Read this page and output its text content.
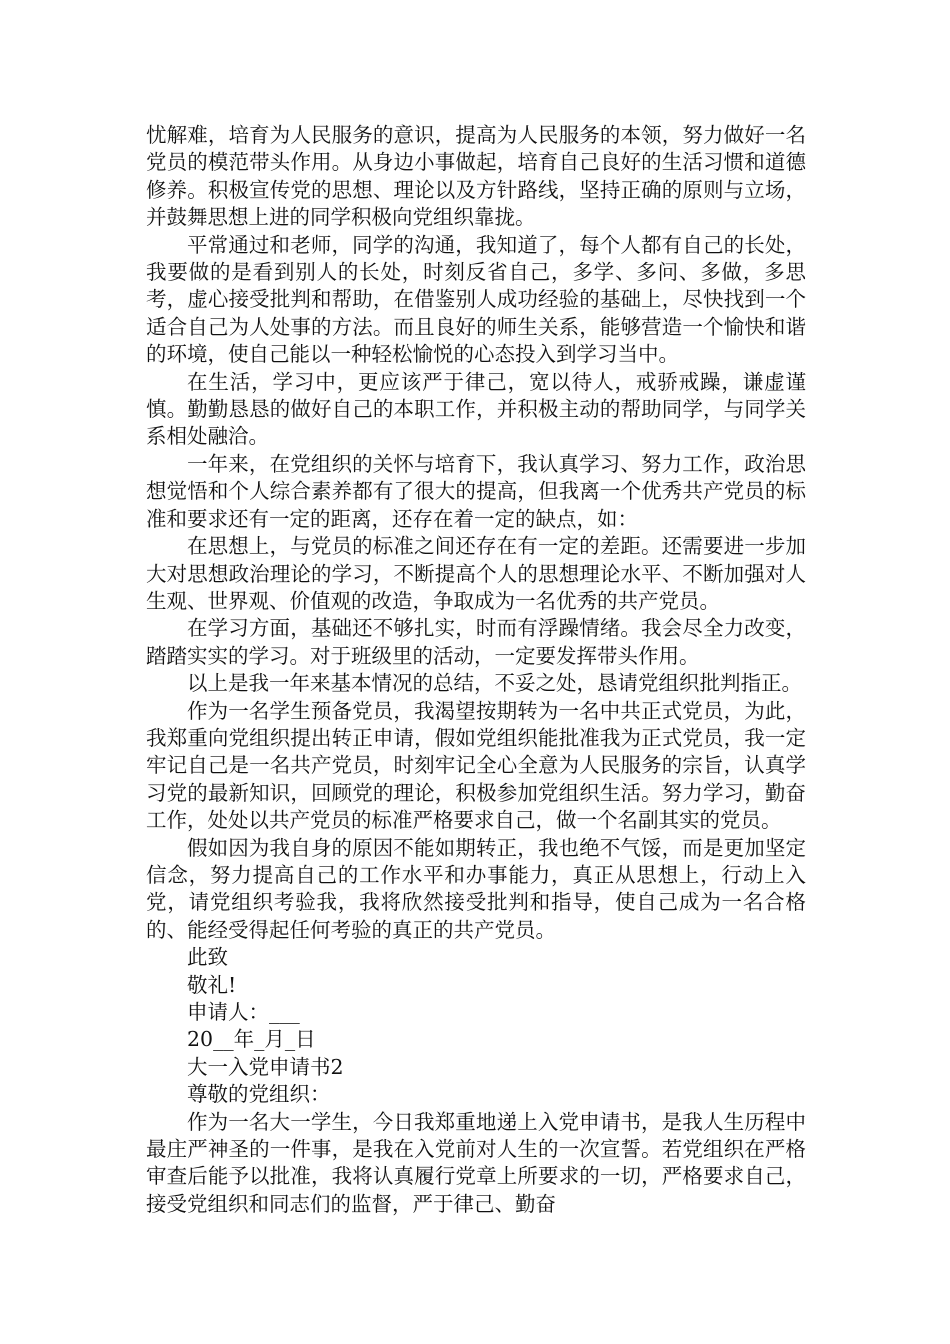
忧解难，培育为人民服务的意识，提高为人民服务的本领，努力做好一名党员的模范带头作用。从身边小事做起，培育自己良好的生活习惯和道德修养。积极宣传党的思想、理论以及方针路线，坚持正确的原则与立场，并鼓舞思想上进的同学积极向党组织靠拢。

平常通过和老师，同学的沟通，我知道了，每个人都有自己的长处，我要做的是看到别人的长处，时刻反省自己，多学、多问、多做，多思考，虚心接受批判和帮助，在借鉴别人成功经验的基础上，尽快找到一个适合自己为人处事的方法。而且良好的师生关系，能够营造一个愉快和谐的环境，使自己能以一种轻松愉悦的心态投入到学习当中。

在生活，学习中，更应该严于律己，宽以待人，戒骄戒躁，谦虚谨慎。勤勤恳恳的做好自己的本职工作，并积极主动的帮助同学，与同学关系相处融洽。

一年来，在党组织的关怀与培育下，我认真学习、努力工作，政治思想觉悟和个人综合素养都有了很大的提高，但我离一个优秀共产党员的标准和要求还有一定的距离，还存在着一定的缺点，如：

在思想上，与党员的标准之间还存在有一定的差距。还需要进一步加大对思想政治理论的学习，不断提高个人的思想理论水平、不断加强对人生观、世界观、价值观的改造，争取成为一名优秀的共产党员。

在学习方面，基础还不够扎实，时而有浮躁情绪。我会尽全力改变，踏踏实实的学习。对于班级里的活动，一定要发挥带头作用。

以上是我一年来基本情况的总结，不妥之处，恳请党组织批判指正。

作为一名学生预备党员，我渴望按期转为一名中共正式党员，为此，我郑重向党组织提出转正申请，假如党组织能批准我为正式党员，我一定牢记自己是一名共产党员，时刻牢记全心全意为人民服务的宗旨，认真学习党的最新知识，回顾党的理论，积极参加党组织生活。努力学习，勤奋工作，处处以共产党员的标准严格要求自己，做一个名副其实的党员。

假如因为我自身的原因不能如期转正，我也绝不气馁，而是更加坚定信念，努力提高自己的工作水平和办事能力，真正从思想上，行动上入党，请党组织考验我，我将欣然接受批判和指导，使自己成为一名合格的、能经受得起任何考验的真正的共产党员。

此致

敬礼!

申请人：___

20__年_月_日

大一入党申请书2

尊敬的党组织：

作为一名大一学生，今日我郑重地递上入党申请书，是我人生历程中最庄严神圣的一件事，是我在入党前对人生的一次宣誓。若党组织在严格审查后能予以批准，我将认真履行党章上所要求的一切，严格要求自己，接受党组织和同志们的监督，严于律己、勤奋
